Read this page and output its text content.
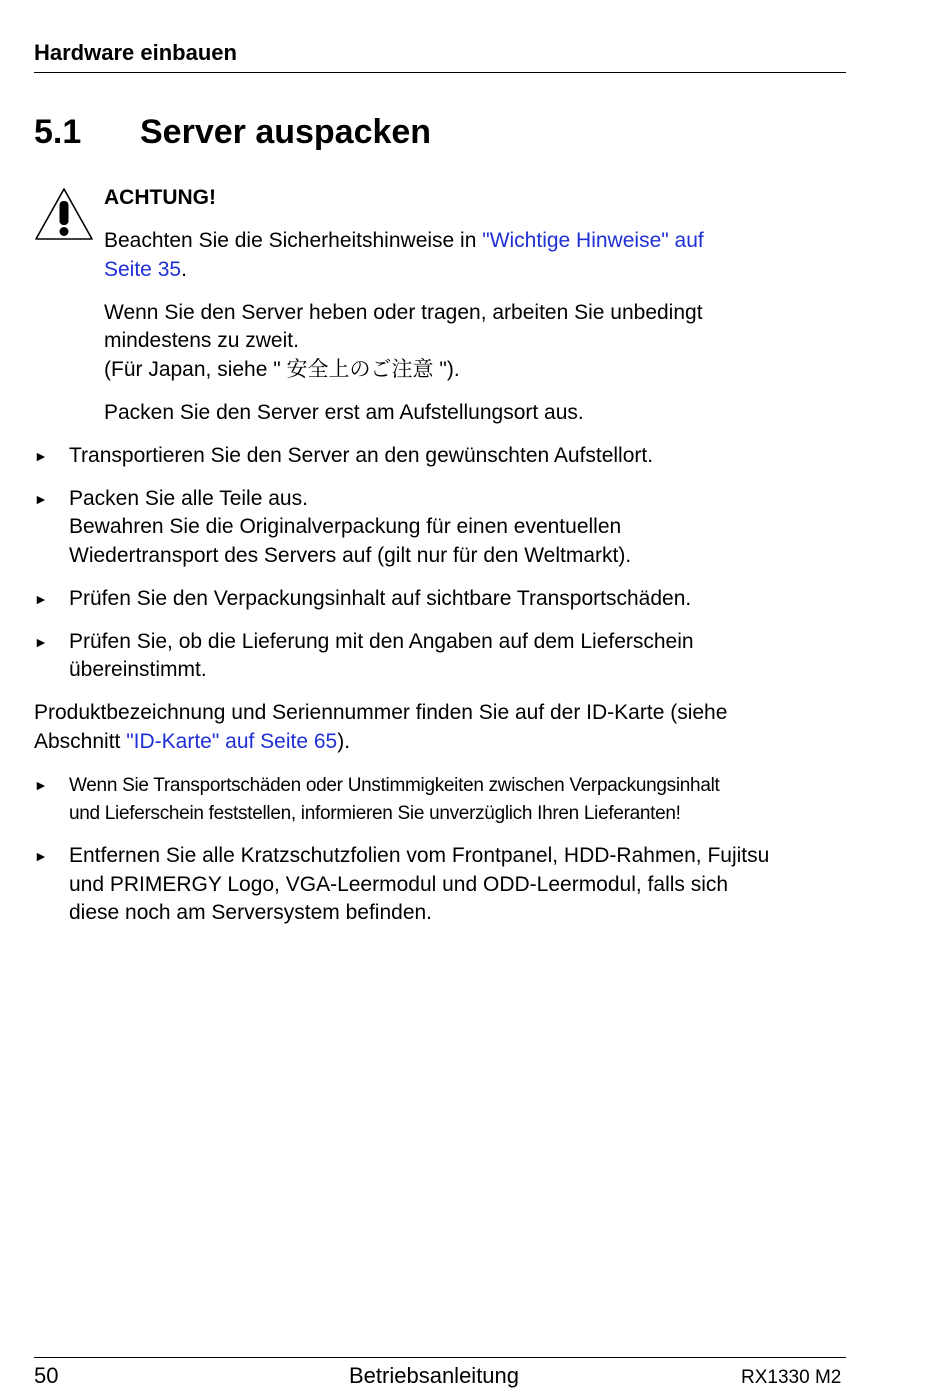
Hardware einbauen
5.1 Server auspacken
ACHTUNG!
Beachten Sie die Sicherheitshinweise in "Wichtige Hinweise" auf
Seite 35.
Wenn Sie den Server heben oder tragen, arbeiten Sie unbedingt
mindestens zu zweit.
(Für Japan, siehe " 安全上のご注意 ").
Packen Sie den Server erst am Aufstellungsort aus.
► Transportieren Sie den Server an den gewünschten Aufstellort.
► Packen Sie alle Teile aus.
Bewahren Sie die Originalverpackung für einen eventuellen
Wiedertransport des Servers auf (gilt nur für den Weltmarkt).
► Prüfen Sie den Verpackungsinhalt auf sichtbare Transportschäden.
► Prüfen Sie, ob die Lieferung mit den Angaben auf dem Lieferschein
übereinstimmt.
Produktbezeichnung und Seriennummer finden Sie auf der ID-Karte (siehe
Abschnitt "ID-Karte" auf Seite 65).
► Wenn Sie Transportschäden oder Unstimmigkeiten zwischen Verpackungsinhalt
und Lieferschein feststellen, informieren Sie unverzüglich Ihren Lieferanten!
► Entfernen Sie alle Kratzschutzfolien vom Frontpanel, HDD-Rahmen, Fujitsu
und PRIMERGY Logo, VGA-Leermodul und ODD-Leermodul, falls sich
diese noch am Serversystem befinden.
50	Betriebsanleitung	RX1330 M2
